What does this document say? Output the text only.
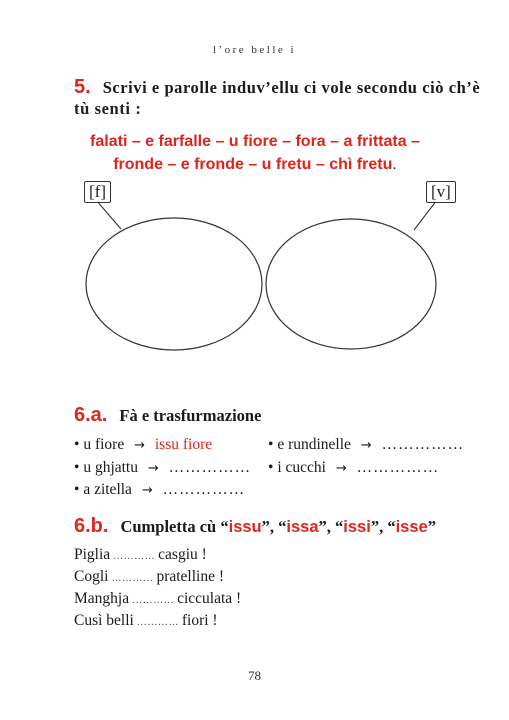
l’ore belle i
5. Scrivi e parolle induv’ellu ci vole secondu ciò ch’è
tù senti :
falati – e farfalle – u fiore – fora – a frittata –
fronde – e fronde – u fretu – chì fretu.
[f]	[v]
6.a. Fà e trasfurmazione
• u fiore → issu fiore
• u ghjattu → ……………
• a zitella → ……………
• e rundinelle → ……………
• i cucchi → ……………
6.b. Cumpletta cù “issu”, “issa”, “issi”, “isse”
Piglia ………… casgiu !
Cogli ………… pratelline !
Manghja ………… cicculata !
Cusì belli ………… fiori !
78
